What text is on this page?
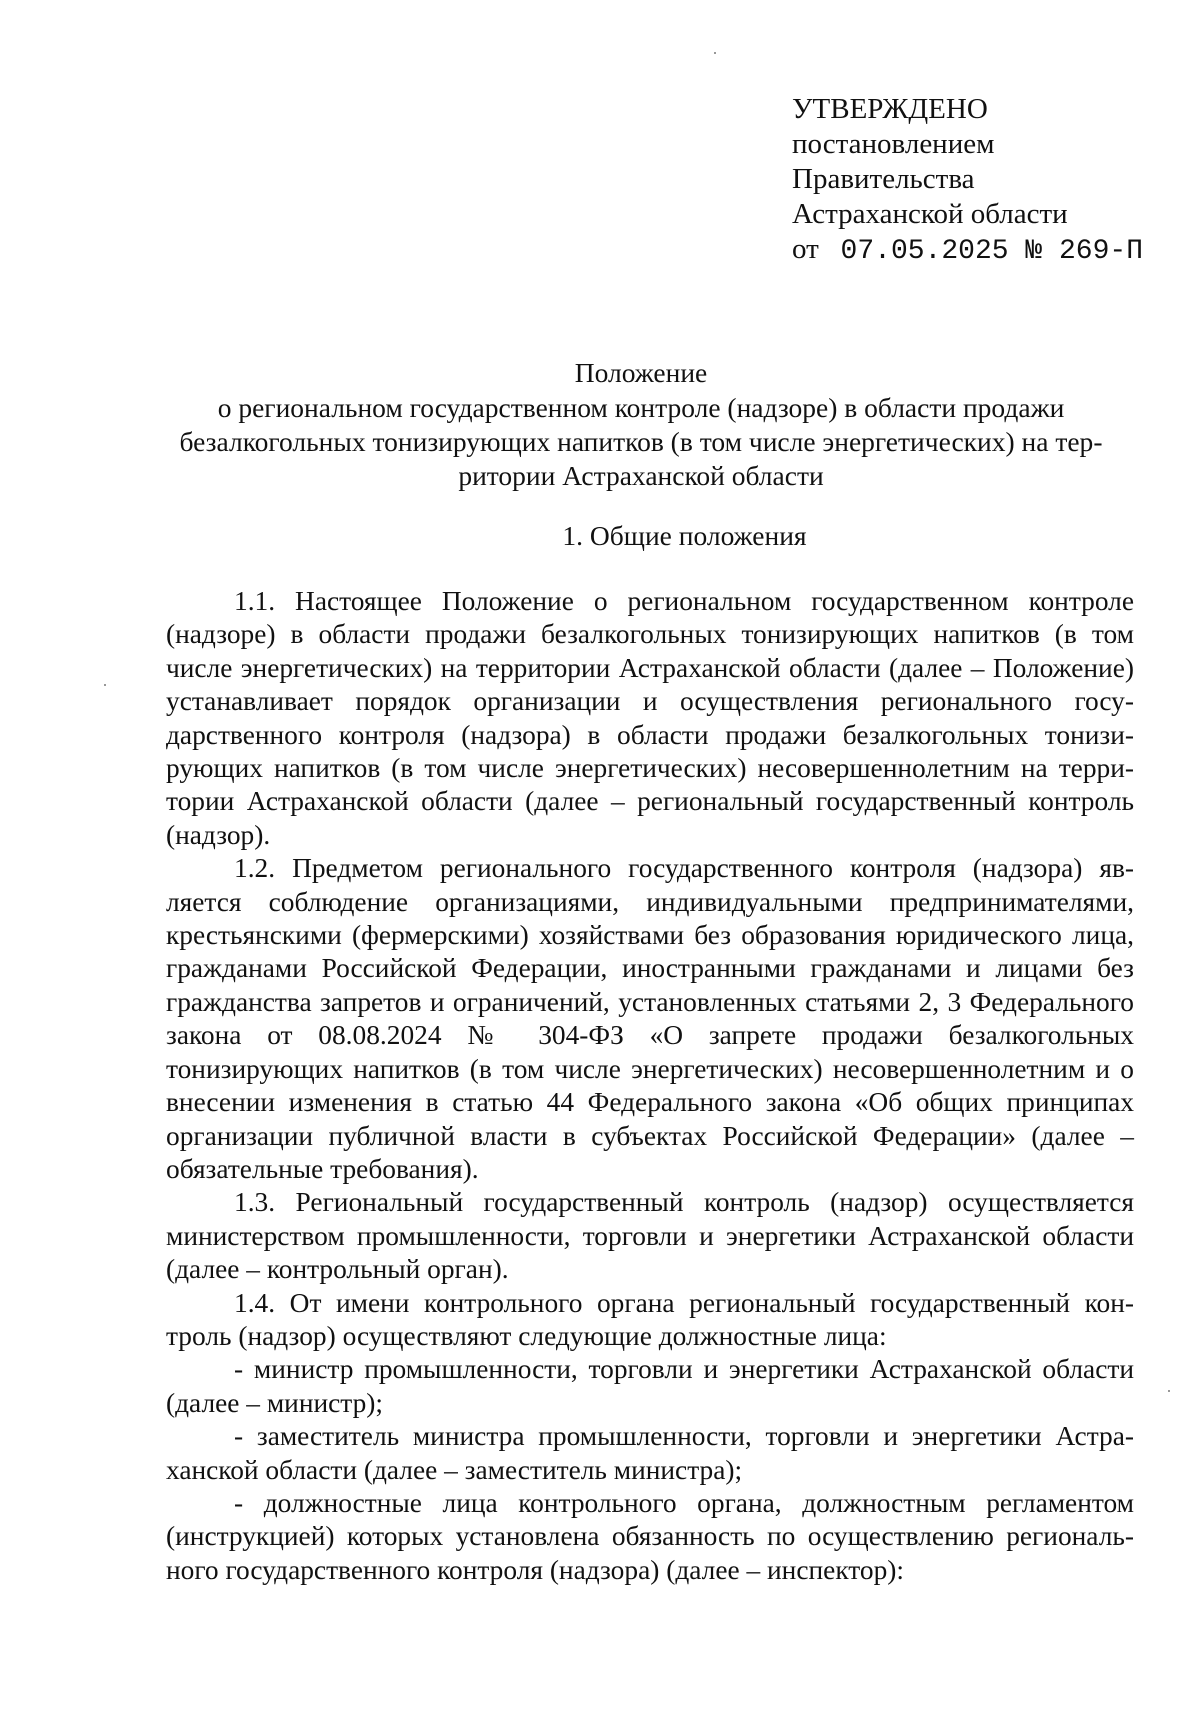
УТВЕРЖДЕНО
постановлением
Правительства
Астраханской области
от 07.05.2025 № 269-П
Положение
о региональном государственном контроле (надзоре) в области продажи безалкогольных тонизирующих напитков (в том числе энергетических) на территории Астраханской области
1. Общие положения

1.1. Настоящее Положение о региональном государственном контроле (надзоре) в области продажи безалкогольных тонизирующих напитков (в том числе энергетических) на территории Астраханской области (далее – Положение) устанавливает порядок организации и осуществления регионального государственного контроля (надзора) в области продажи безалкогольных тонизирующих напитков (в том числе энергетических) несовершеннолетним на территории Астраханской области (далее – региональный государственный контроль (надзор).

1.2. Предметом регионального государственного контроля (надзора) является соблюдение организациями, индивидуальными предпринимателями, крестьянскими (фермерскими) хозяйствами без образования юридического лица, гражданами Российской Федерации, иностранными гражданами и лицами без гражданства запретов и ограничений, установленных статьями 2, 3 Федерального закона от 08.08.2024 № 304-ФЗ «О запрете продажи безалкогольных тонизирующих напитков (в том числе энергетических) несовершеннолетним и о внесении изменения в статью 44 Федерального закона «Об общих принципах организации публичной власти в субъектах Российской Федерации» (далее – обязательные требования).

1.3. Региональный государственный контроль (надзор) осуществляется министерством промышленности, торговли и энергетики Астраханской области (далее – контрольный орган).

1.4. От имени контрольного органа региональный государственный контроль (надзор) осуществляют следующие должностные лица:

- министр промышленности, торговли и энергетики Астраханской области (далее – министр);

- заместитель министра промышленности, торговли и энергетики Астраханской области (далее – заместитель министра);

- должностные лица контрольного органа, должностным регламентом (инструкцией) которых установлена обязанность по осуществлению регионального государственного контроля (надзора) (далее – инспектор):
